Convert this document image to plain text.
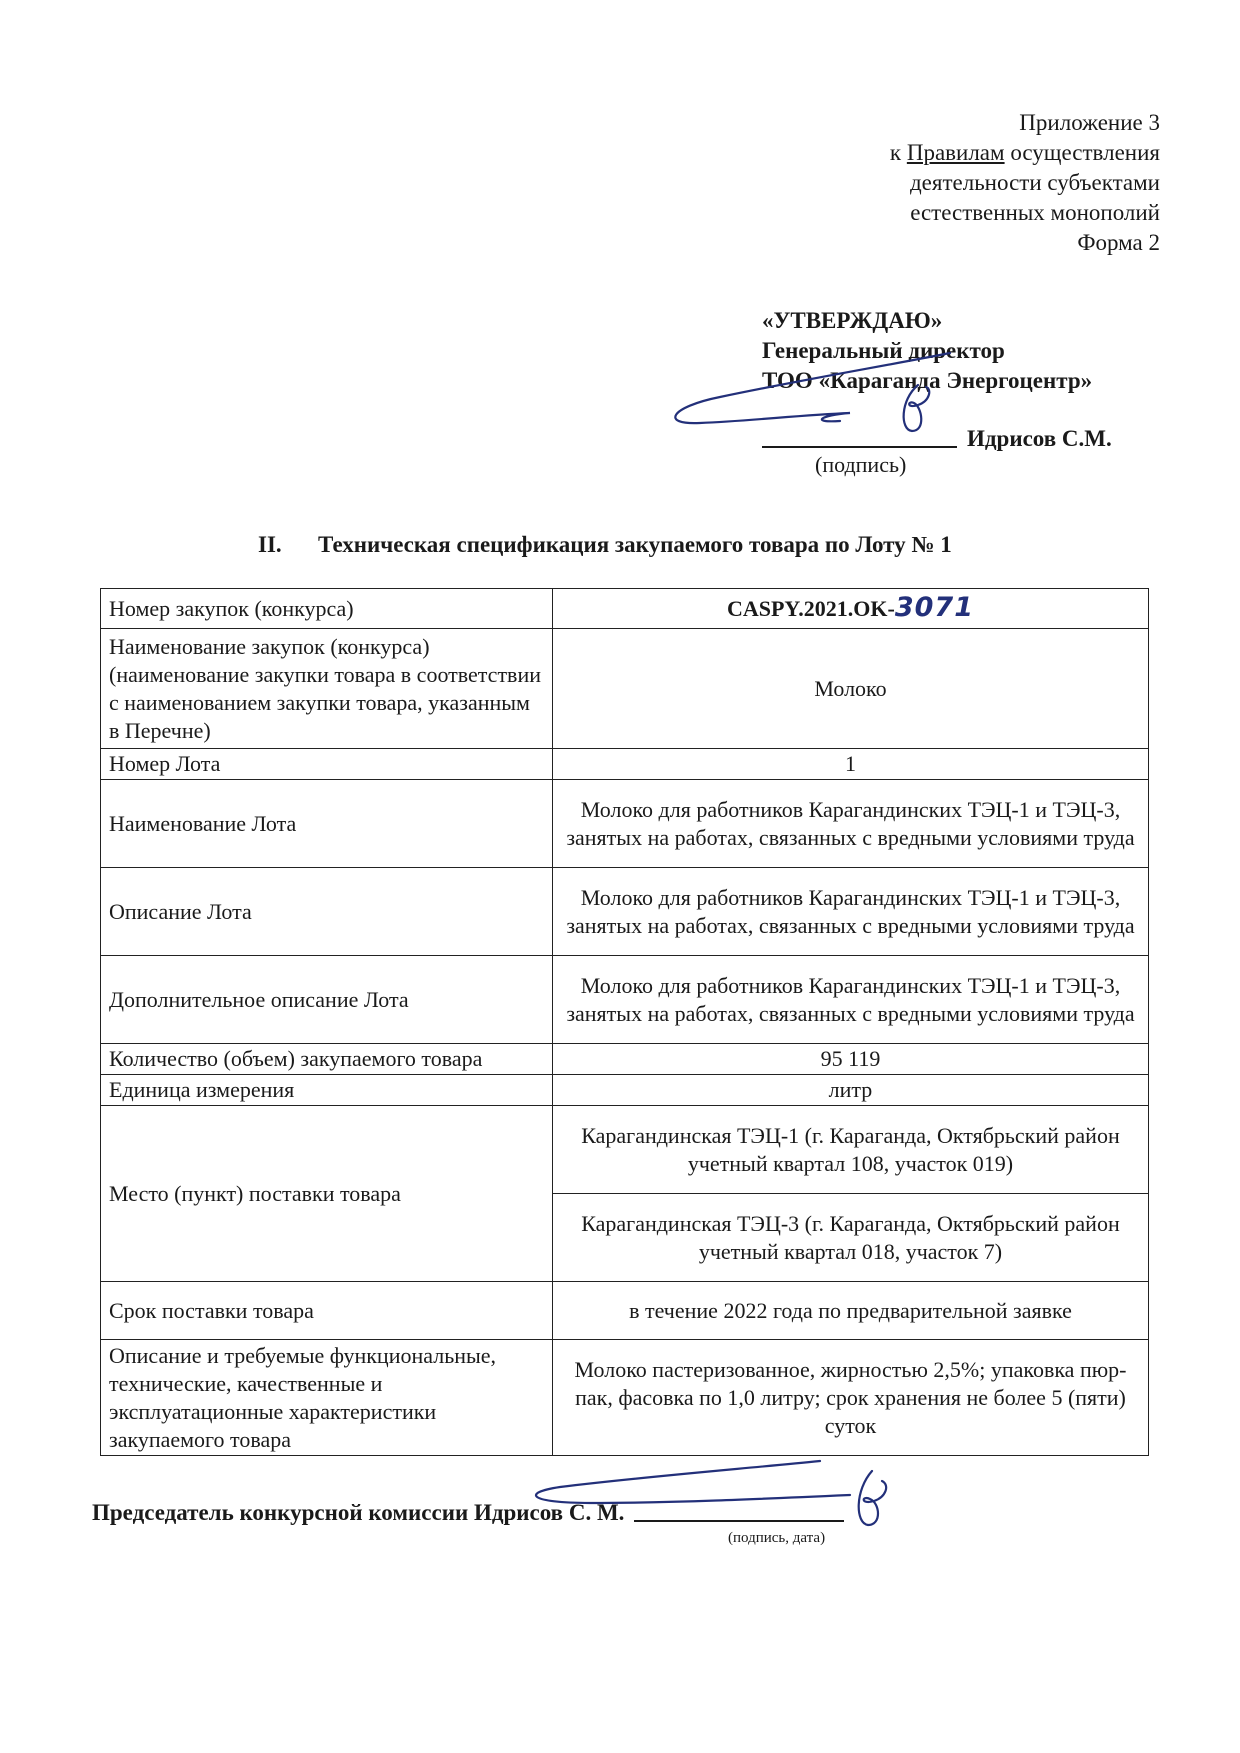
Приложение 3
к Правилам осуществления
деятельности субъектами
естественных монополий
Форма 2
«УТВЕРЖДАЮ»
Генеральный директор
ТОО «Караганда Энергоцентр»
Идрисов С.М.
(подпись)
II. Техническая спецификация закупаемого товара по Лоту № 1
Номер закупок (конкурса)	CASPY.2021.OK-3071
Наименование закупок (конкурса) (наименование закупки товара в соответствии с наименованием закупки товара, указанным в Перечне)	Молоко
Номер Лота	1
Наименование Лота	Молоко для работников Карагандинских ТЭЦ-1 и ТЭЦ-3, занятых на работах, связанных с вредными условиями труда
Описание Лота	Молоко для работников Карагандинских ТЭЦ-1 и ТЭЦ-3, занятых на работах, связанных с вредными условиями труда
Дополнительное описание Лота	Молоко для работников Карагандинских ТЭЦ-1 и ТЭЦ-3, занятых на работах, связанных с вредными условиями труда
Количество (объем) закупаемого товара	95 119
Единица измерения	литр
Место (пункт) поставки товара	Карагандинская ТЭЦ-1 (г. Караганда, Октябрьский район учетный квартал 108, участок 019)
	Карагандинская ТЭЦ-3 (г. Караганда, Октябрьский район учетный квартал 018, участок 7)
Срок поставки товара	в течение 2022 года по предварительной заявке
Описание и требуемые функциональные, технические, качественные и эксплуатационные характеристики закупаемого товара	Молоко пастеризованное, жирностью 2,5%; упаковка пюр-пак, фасовка по 1,0 литру; срок хранения не более 5 (пяти) суток
Председатель конкурсной комиссии Идрисов С. М.
(подпись, дата)
